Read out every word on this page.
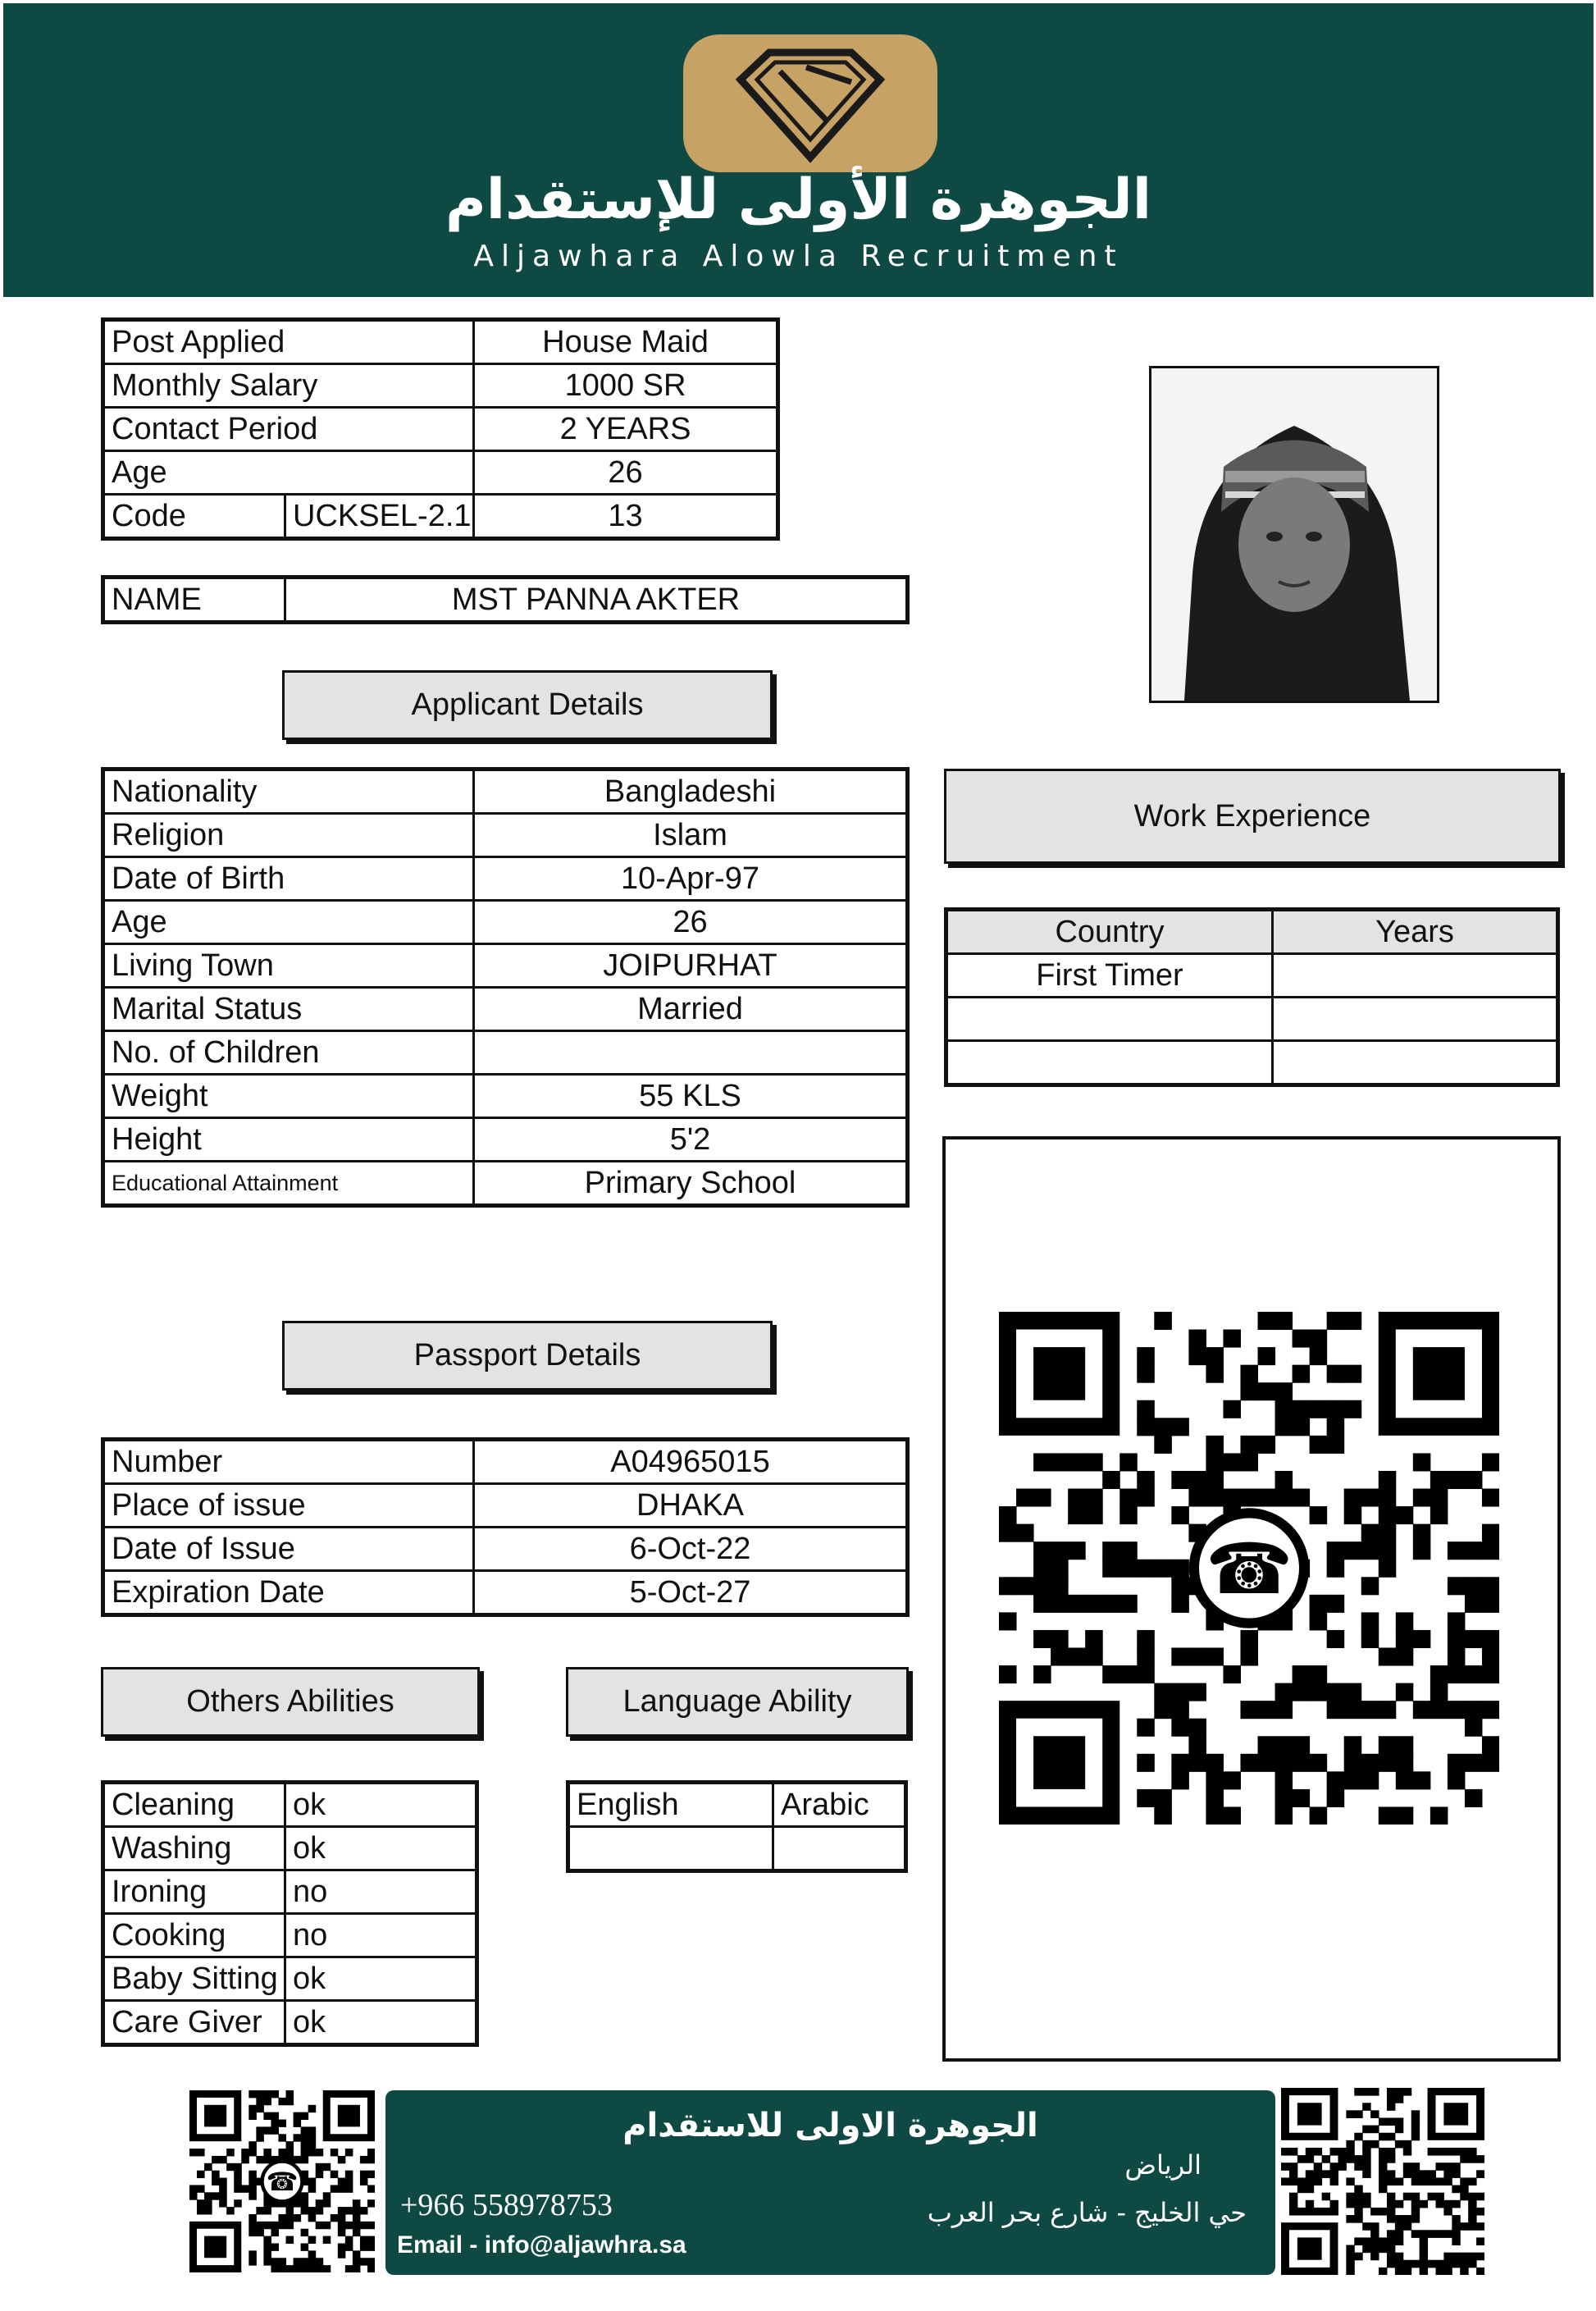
الجوهرة الأولى للإستقدام
Aljawhara Alowla Recruitment
Post Applied		House Maid
Monthly Salary		1000 SR
Contact Period		2 YEARS
Age		26
Code	UCKSEL-2.1	13
NAME	MST PANNA AKTER
Applicant Details
Nationality	Bangladeshi
Religion	Islam
Date of Birth	10-Apr-97
Age	26
Living Town	JOIPURHAT
Marital Status	Married
No. of Children	
Weight	55 KLS
Height	5'2
Educational Attainment	Primary School
Work Experience
Country	Years
First Timer	

☎
Passport Details
Number	A04965015
Place of issue	DHAKA
Date of Issue	6-Oct-22
Expiration Date	5-Oct-27
Others Abilities
Cleaning	ok
Washing	ok
Ironing	no
Cooking	no
Baby Sitting	ok
Care Giver	ok
Language Ability
English	Arabic

☎
الجوهرة الاولى للاستقدام
الرياض
حي الخليج - شارع بحر العرب
+966 558978753
Email - info@aljawhra.sa
